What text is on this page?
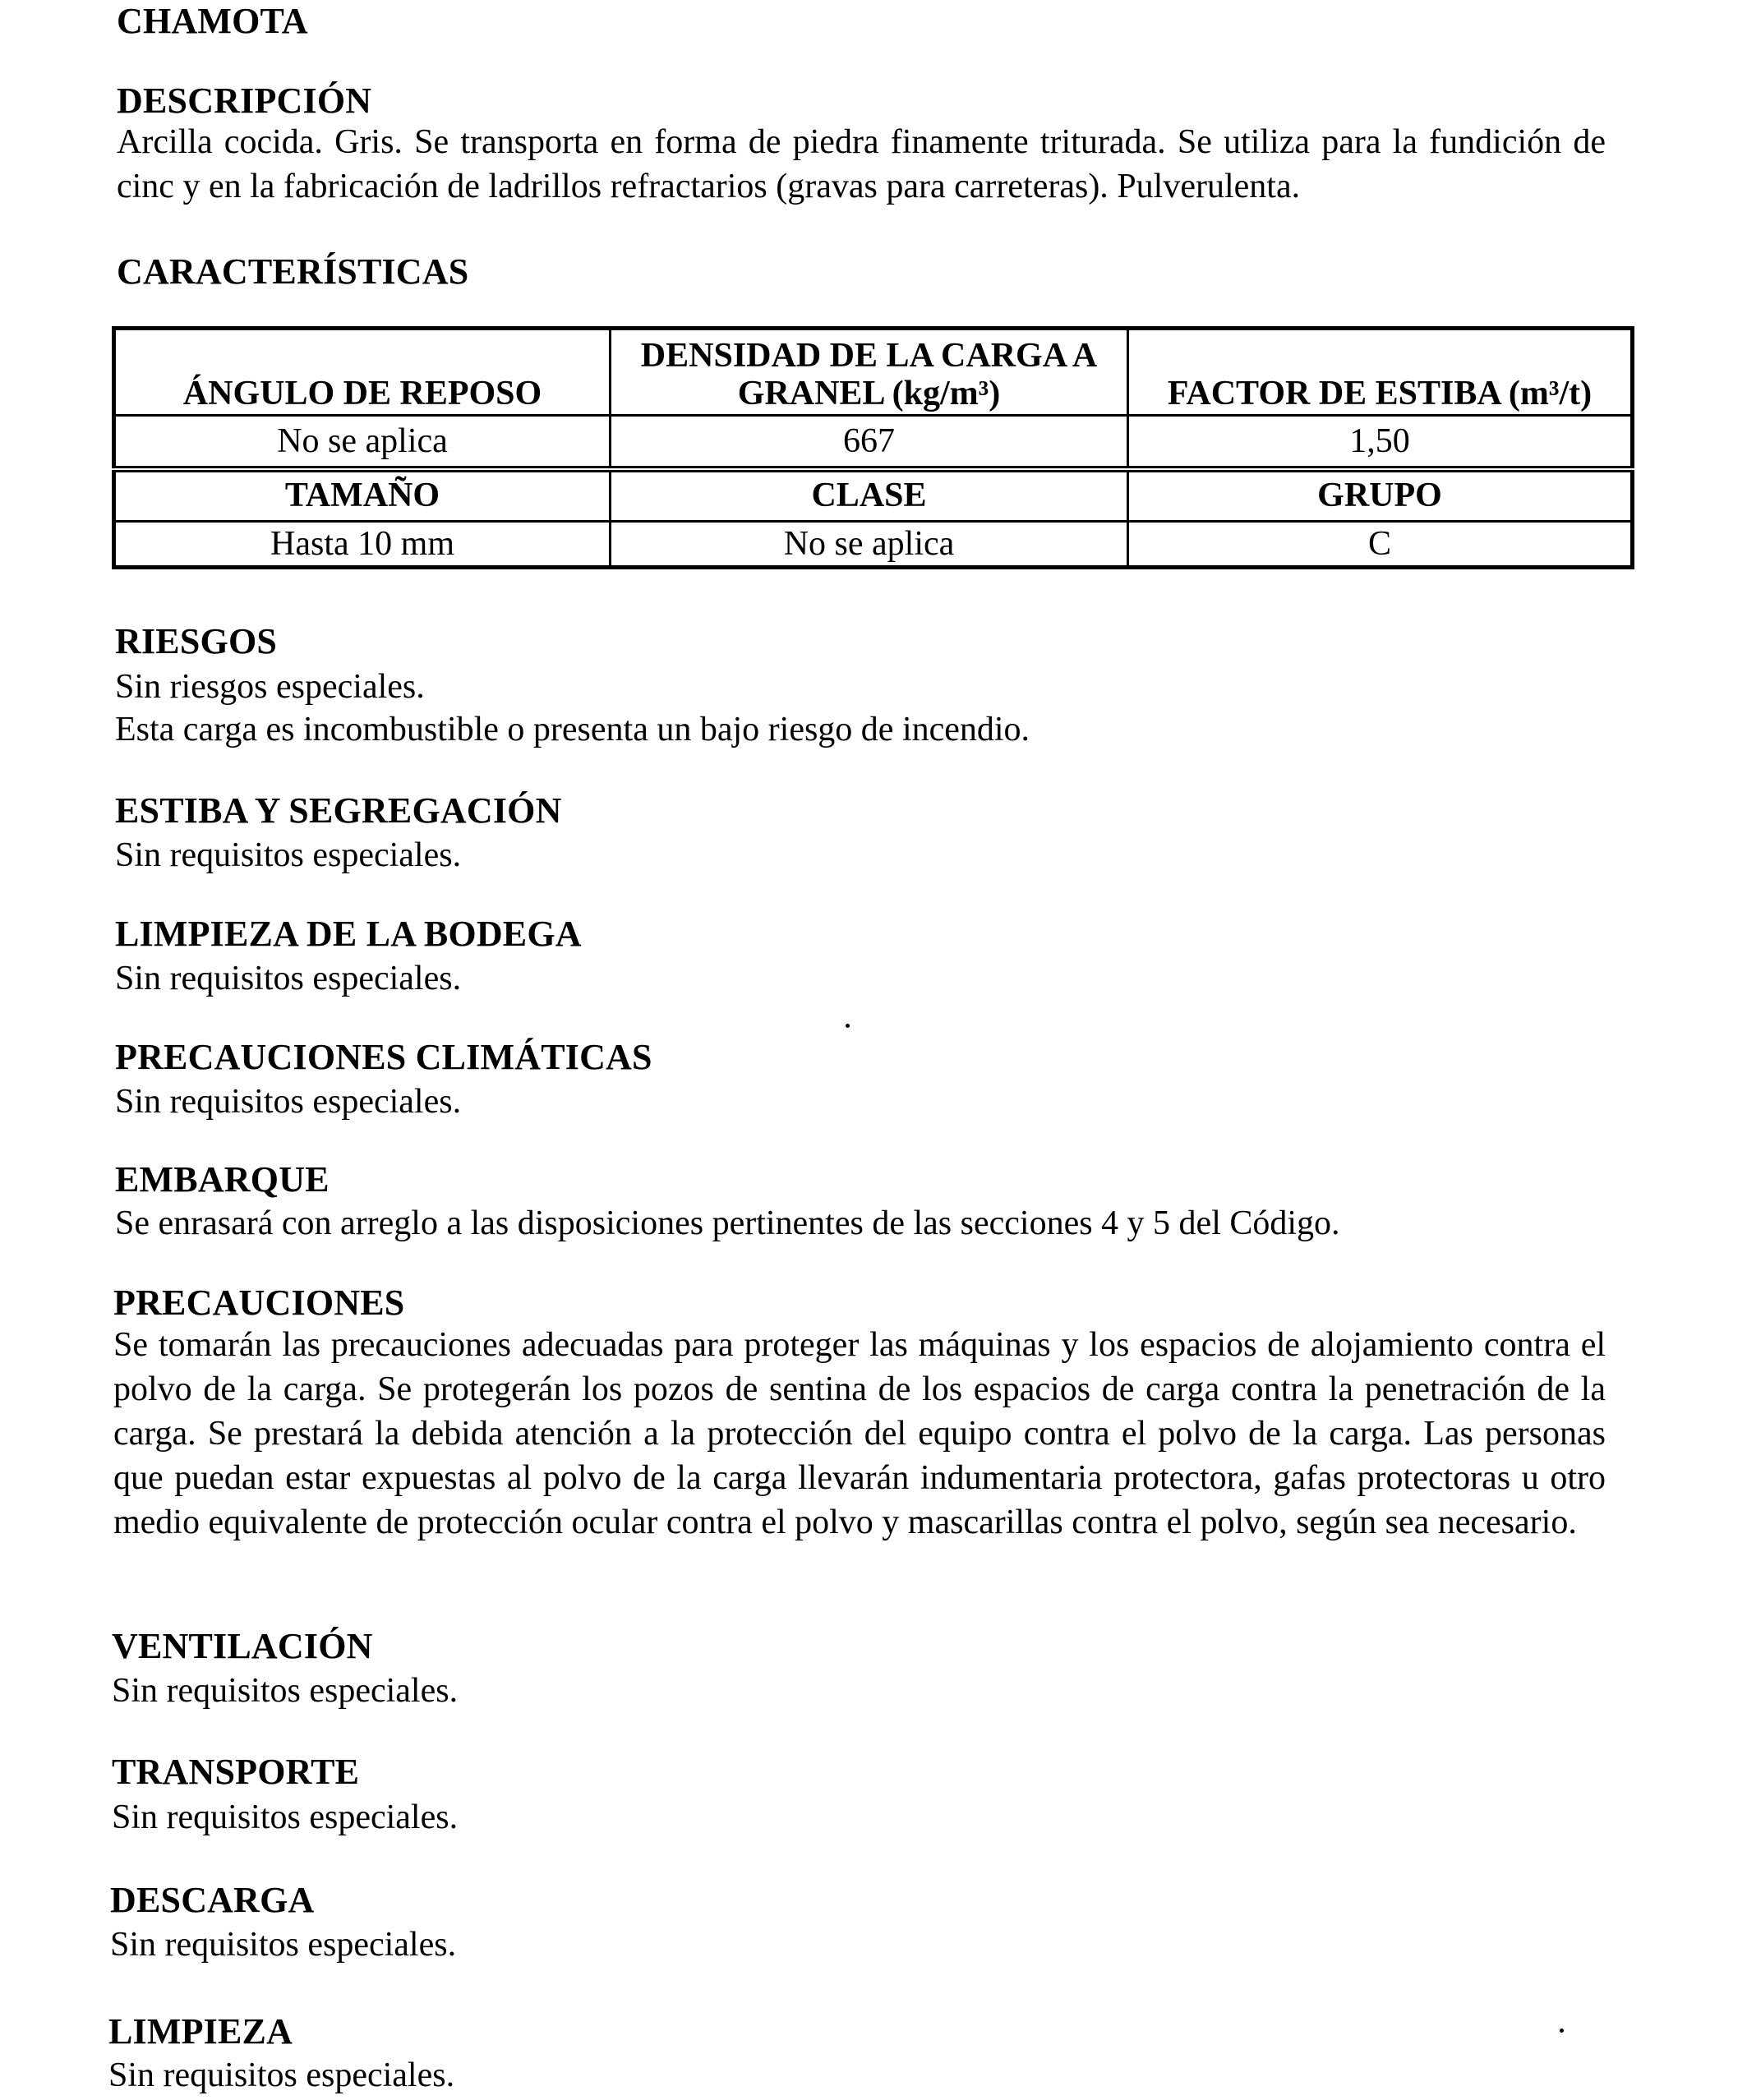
CHAMOTA
DESCRIPCIÓN
Arcilla cocida. Gris. Se transporta en forma de piedra finamente triturada. Se utiliza para la fundición de cinc y en la fabricación de ladrillos refractarios (gravas para carreteras). Pulverulenta.
CARACTERÍSTICAS
ÁNGULO DE REPOSO	DENSIDAD DE LA CARGA A GRANEL (kg/m³)	FACTOR DE ESTIBA (m³/t)
No se aplica	667	1,50
TAMAÑO	CLASE	GRUPO
Hasta 10 mm	No se aplica	C
RIESGOS
Sin riesgos especiales.
Esta carga es incombustible o presenta un bajo riesgo de incendio.
ESTIBA Y SEGREGACIÓN
Sin requisitos especiales.
LIMPIEZA DE LA BODEGA
Sin requisitos especiales.
PRECAUCIONES CLIMÁTICAS
Sin requisitos especiales.
EMBARQUE
Se enrasará con arreglo a las disposiciones pertinentes de las secciones 4 y 5 del Código.
PRECAUCIONES
Se tomarán las precauciones adecuadas para proteger las máquinas y los espacios de alojamiento contra el polvo de la carga. Se protegerán los pozos de sentina de los espacios de carga contra la penetración de la carga. Se prestará la debida atención a la protección del equipo contra el polvo de la carga. Las personas que puedan estar expuestas al polvo de la carga llevarán indumentaria protectora, gafas protectoras u otro medio equivalente de protección ocular contra el polvo y mascarillas contra el polvo, según sea necesario.
VENTILACIÓN
Sin requisitos especiales.
TRANSPORTE
Sin requisitos especiales.
DESCARGA
Sin requisitos especiales.
LIMPIEZA
Sin requisitos especiales.
